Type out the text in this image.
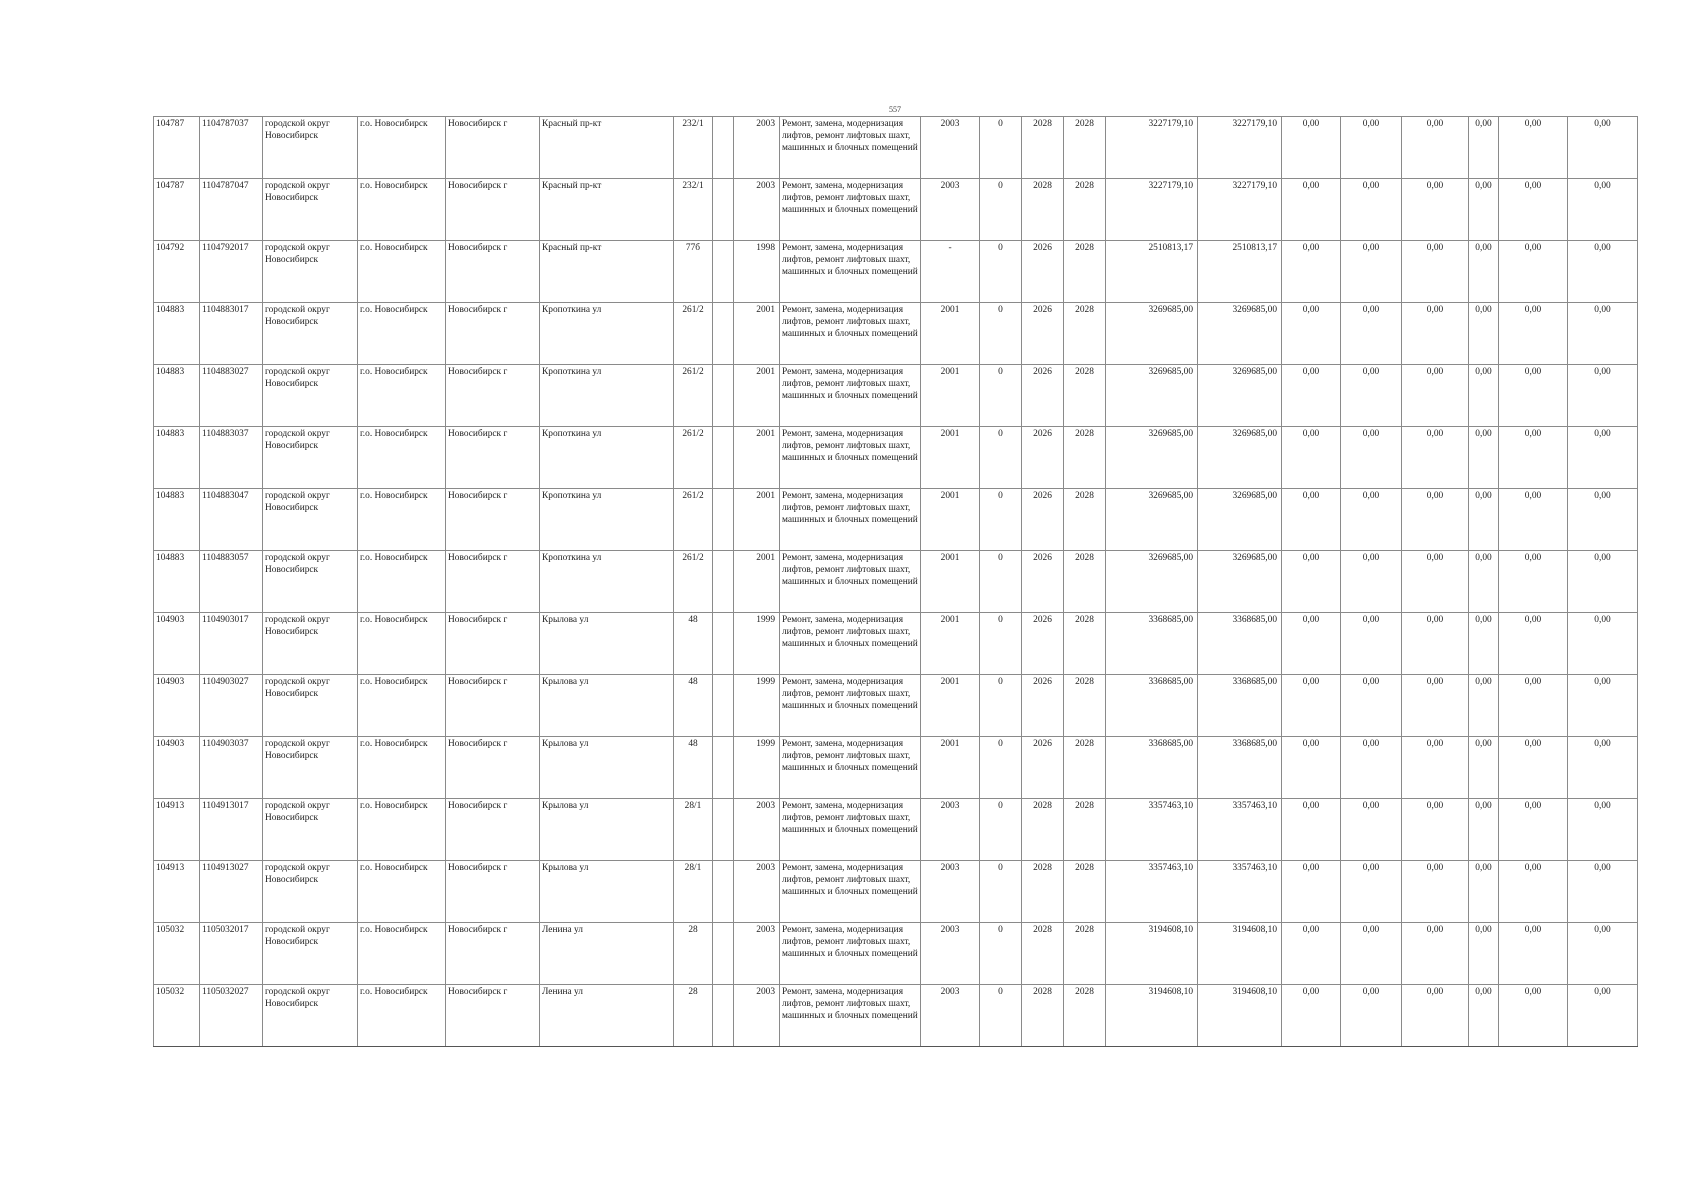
557
104787	1104787037	городской округ Новосибирск	г.о. Новосибирск	Новосибирск г	Красный пр-кт	232/1		2003	Ремонт, замена, модернизация лифтов, ремонт лифтовых шахт, машинных и блочных помещений	2003	0	2028	2028	3227179,10	3227179,10	0,00	0,00	0,00	0,00	0,00	0,00
104787	1104787047	городской округ Новосибирск	г.о. Новосибирск	Новосибирск г	Красный пр-кт	232/1		2003	Ремонт, замена, модернизация лифтов, ремонт лифтовых шахт, машинных и блочных помещений	2003	0	2028	2028	3227179,10	3227179,10	0,00	0,00	0,00	0,00	0,00	0,00
104792	1104792017	городской округ Новосибирск	г.о. Новосибирск	Новосибирск г	Красный пр-кт	77б		1998	Ремонт, замена, модернизация лифтов, ремонт лифтовых шахт, машинных и блочных помещений	-	0	2026	2028	2510813,17	2510813,17	0,00	0,00	0,00	0,00	0,00	0,00
104883	1104883017	городской округ Новосибирск	г.о. Новосибирск	Новосибирск г	Кропоткина ул	261/2		2001	Ремонт, замена, модернизация лифтов, ремонт лифтовых шахт, машинных и блочных помещений	2001	0	2026	2028	3269685,00	3269685,00	0,00	0,00	0,00	0,00	0,00	0,00
104883	1104883027	городской округ Новосибирск	г.о. Новосибирск	Новосибирск г	Кропоткина ул	261/2		2001	Ремонт, замена, модернизация лифтов, ремонт лифтовых шахт, машинных и блочных помещений	2001	0	2026	2028	3269685,00	3269685,00	0,00	0,00	0,00	0,00	0,00	0,00
104883	1104883037	городской округ Новосибирск	г.о. Новосибирск	Новосибирск г	Кропоткина ул	261/2		2001	Ремонт, замена, модернизация лифтов, ремонт лифтовых шахт, машинных и блочных помещений	2001	0	2026	2028	3269685,00	3269685,00	0,00	0,00	0,00	0,00	0,00	0,00
104883	1104883047	городской округ Новосибирск	г.о. Новосибирск	Новосибирск г	Кропоткина ул	261/2		2001	Ремонт, замена, модернизация лифтов, ремонт лифтовых шахт, машинных и блочных помещений	2001	0	2026	2028	3269685,00	3269685,00	0,00	0,00	0,00	0,00	0,00	0,00
104883	1104883057	городской округ Новосибирск	г.о. Новосибирск	Новосибирск г	Кропоткина ул	261/2		2001	Ремонт, замена, модернизация лифтов, ремонт лифтовых шахт, машинных и блочных помещений	2001	0	2026	2028	3269685,00	3269685,00	0,00	0,00	0,00	0,00	0,00	0,00
104903	1104903017	городской округ Новосибирск	г.о. Новосибирск	Новосибирск г	Крылова ул	48		1999	Ремонт, замена, модернизация лифтов, ремонт лифтовых шахт, машинных и блочных помещений	2001	0	2026	2028	3368685,00	3368685,00	0,00	0,00	0,00	0,00	0,00	0,00
104903	1104903027	городской округ Новосибирск	г.о. Новосибирск	Новосибирск г	Крылова ул	48		1999	Ремонт, замена, модернизация лифтов, ремонт лифтовых шахт, машинных и блочных помещений	2001	0	2026	2028	3368685,00	3368685,00	0,00	0,00	0,00	0,00	0,00	0,00
104903	1104903037	городской округ Новосибирск	г.о. Новосибирск	Новосибирск г	Крылова ул	48		1999	Ремонт, замена, модернизация лифтов, ремонт лифтовых шахт, машинных и блочных помещений	2001	0	2026	2028	3368685,00	3368685,00	0,00	0,00	0,00	0,00	0,00	0,00
104913	1104913017	городской округ Новосибирск	г.о. Новосибирск	Новосибирск г	Крылова ул	28/1		2003	Ремонт, замена, модернизация лифтов, ремонт лифтовых шахт, машинных и блочных помещений	2003	0	2028	2028	3357463,10	3357463,10	0,00	0,00	0,00	0,00	0,00	0,00
104913	1104913027	городской округ Новосибирск	г.о. Новосибирск	Новосибирск г	Крылова ул	28/1		2003	Ремонт, замена, модернизация лифтов, ремонт лифтовых шахт, машинных и блочных помещений	2003	0	2028	2028	3357463,10	3357463,10	0,00	0,00	0,00	0,00	0,00	0,00
105032	1105032017	городской округ Новосибирск	г.о. Новосибирск	Новосибирск г	Ленина ул	28		2003	Ремонт, замена, модернизация лифтов, ремонт лифтовых шахт, машинных и блочных помещений	2003	0	2028	2028	3194608,10	3194608,10	0,00	0,00	0,00	0,00	0,00	0,00
105032	1105032027	городской округ Новосибирск	г.о. Новосибирск	Новосибирск г	Ленина ул	28		2003	Ремонт, замена, модернизация лифтов, ремонт лифтовых шахт, машинных и блочных помещений	2003	0	2028	2028	3194608,10	3194608,10	0,00	0,00	0,00	0,00	0,00	0,00
